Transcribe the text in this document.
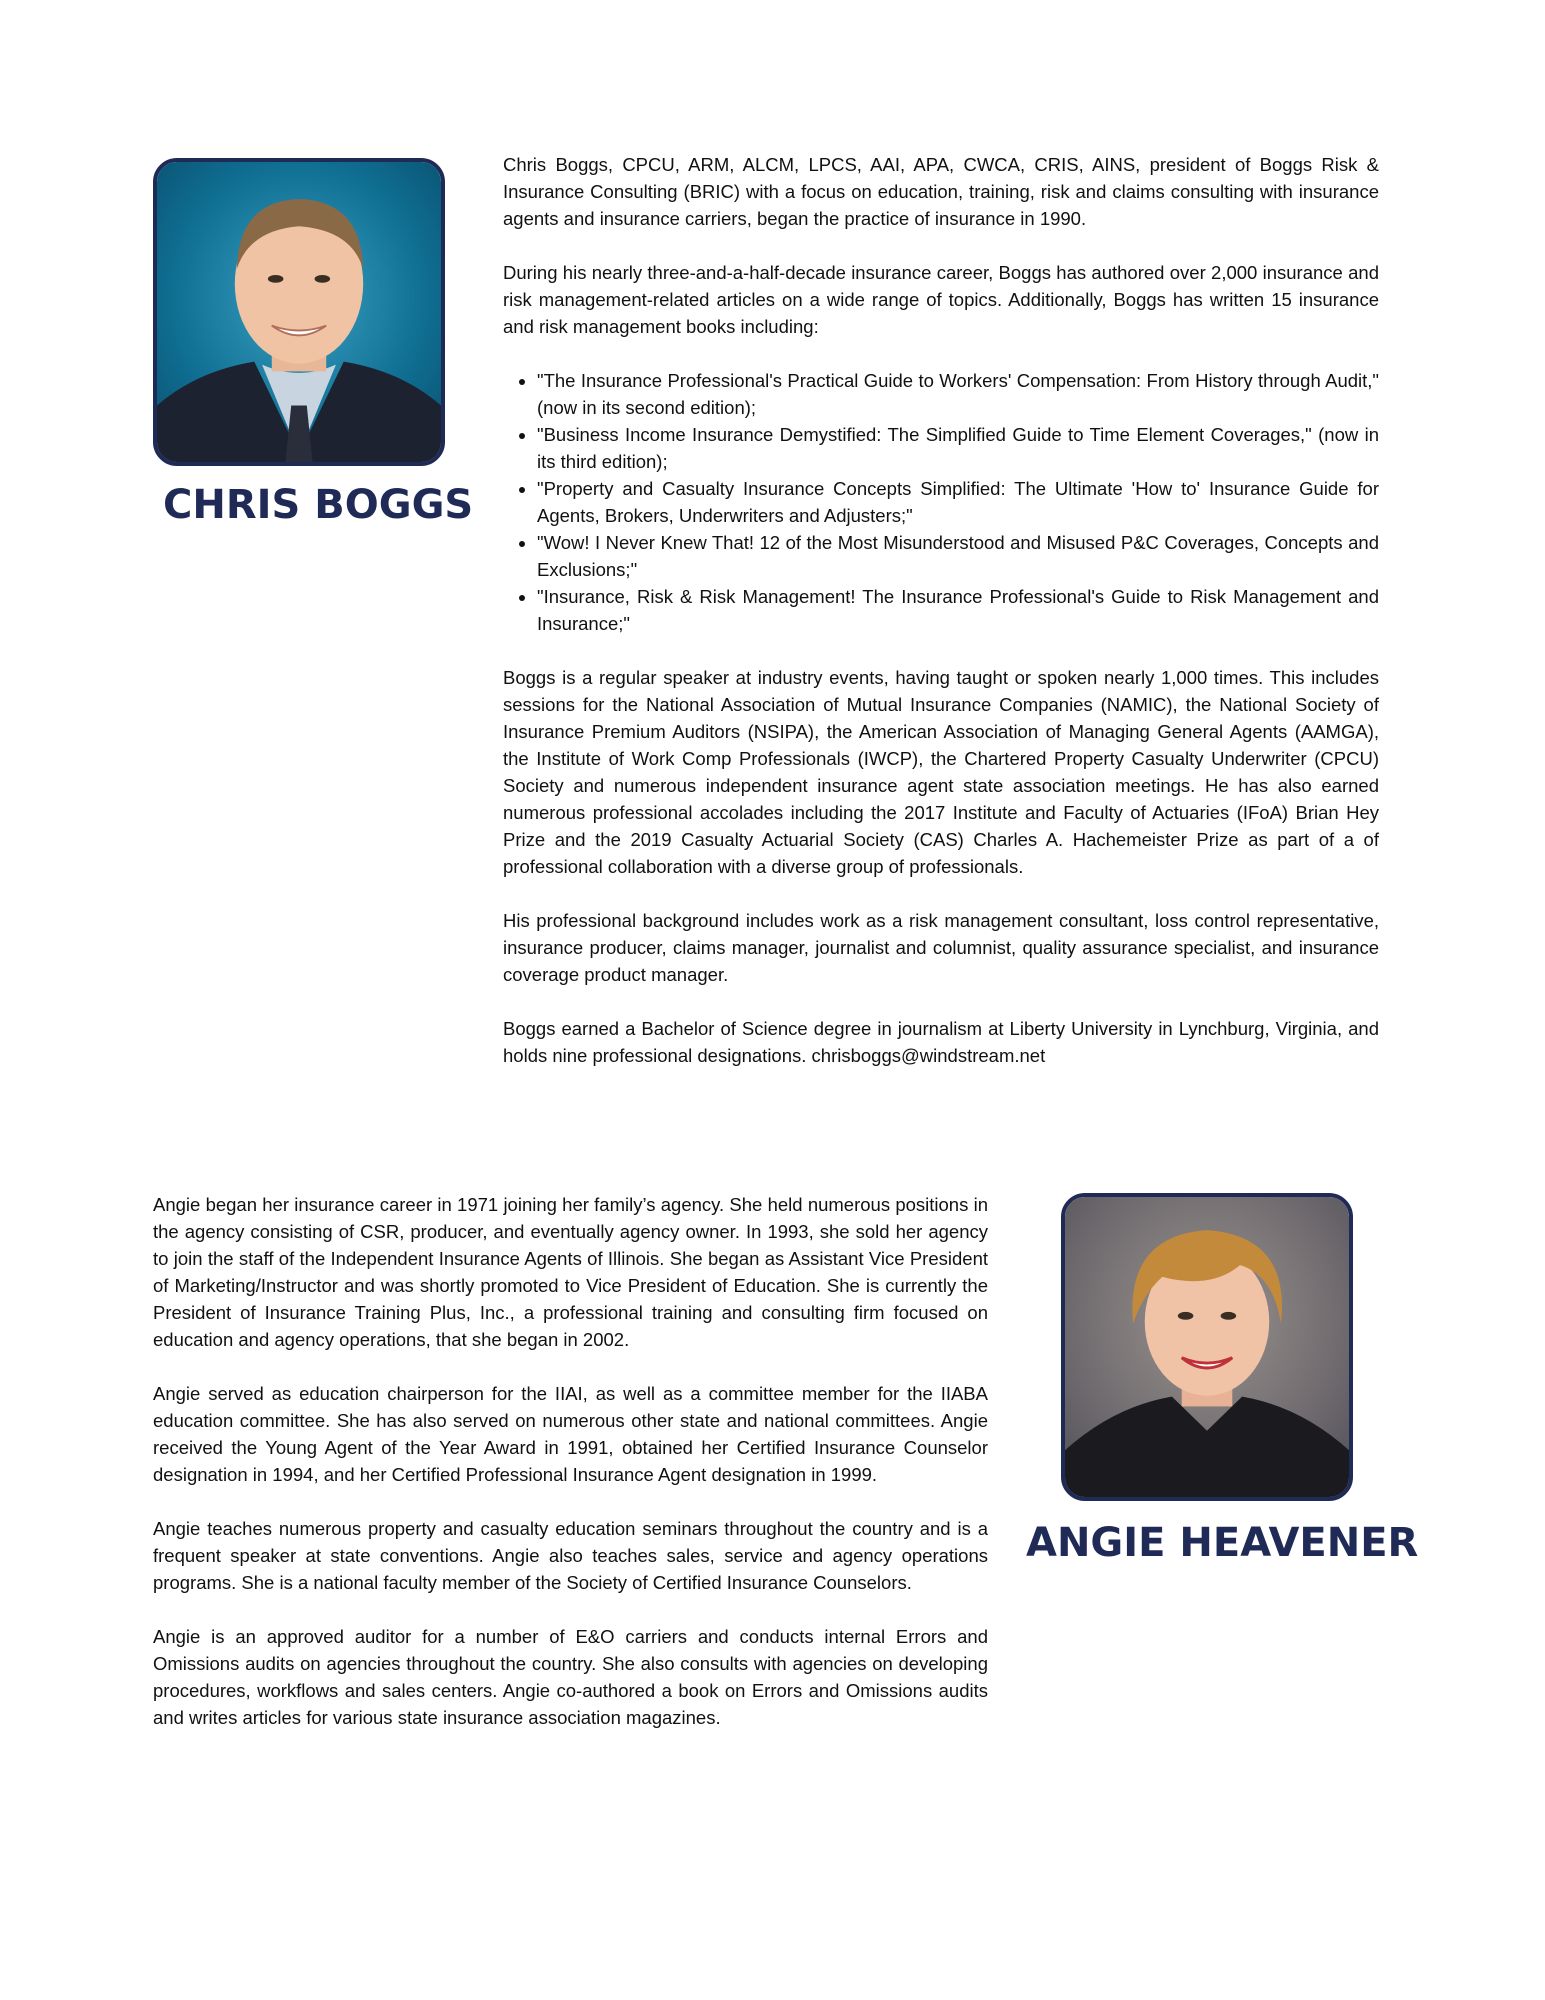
CHRIS BOGGS

Chris Boggs, CPCU, ARM, ALCM, LPCS, AAI, APA, CWCA, CRIS, AINS, president of Boggs Risk & Insurance Consulting (BRIC) with a focus on education, training, risk and claims consulting with insurance agents and insurance carriers, began the practice of insurance in 1990.

During his nearly three-and-a-half-decade insurance career, Boggs has authored over 2,000 insurance and risk management-related articles on a wide range of topics. Additionally, Boggs has written 15 insurance and risk management books including:

• "The Insurance Professional's Practical Guide to Workers' Compensation: From History through Audit," (now in its second edition);
• "Business Income Insurance Demystified: The Simplified Guide to Time Element Coverages," (now in its third edition);
• "Property and Casualty Insurance Concepts Simplified: The Ultimate 'How to' Insurance Guide for Agents, Brokers, Underwriters and Adjusters;"
• "Wow! I Never Knew That! 12 of the Most Misunderstood and Misused P&C Coverages, Concepts and Exclusions;"
• "Insurance, Risk & Risk Management! The Insurance Professional's Guide to Risk Management and Insurance;"

Boggs is a regular speaker at industry events, having taught or spoken nearly 1,000 times. This includes sessions for the National Association of Mutual Insurance Companies (NAMIC), the National Society of Insurance Premium Auditors (NSIPA), the American Association of Managing General Agents (AAMGA), the Institute of Work Comp Professionals (IWCP), the Chartered Property Casualty Underwriter (CPCU) Society and numerous independent insurance agent state association meetings. He has also earned numerous professional accolades including the 2017 Institute and Faculty of Actuaries (IFoA) Brian Hey Prize and the 2019 Casualty Actuarial Society (CAS) Charles A. Hachemeister Prize as part of a of professional collaboration with a diverse group of professionals.

His professional background includes work as a risk management consultant, loss control representative, insurance producer, claims manager, journalist and columnist, quality assurance specialist, and insurance coverage product manager.

Boggs earned a Bachelor of Science degree in journalism at Liberty University in Lynchburg, Virginia, and holds nine professional designations. chrisboggs@windstream.net

Angie began her insurance career in 1971 joining her family’s agency. She held numerous positions in the agency consisting of CSR, producer, and eventually agency owner. In 1993, she sold her agency to join the staff of the Independent Insurance Agents of Illinois. She began as Assistant Vice President of Marketing/Instructor and was shortly promoted to Vice President of Education. She is currently the President of Insurance Training Plus, Inc., a professional training and consulting firm focused on education and agency operations, that she began in 2002.

Angie served as education chairperson for the IIAI, as well as a committee member for the IIABA education committee. She has also served on numerous other state and national committees. Angie received the Young Agent of the Year Award in 1991, obtained her Certified Insurance Counselor designation in 1994, and her Certified Professional Insurance Agent designation in 1999.

Angie teaches numerous property and casualty education seminars throughout the country and is a frequent speaker at state conventions. Angie also teaches sales, service and agency operations programs. She is a national faculty member of the Society of Certified Insurance Counselors.

Angie is an approved auditor for a number of E&O carriers and conducts internal Errors and Omissions audits on agencies throughout the country. She also consults with agencies on developing procedures, workflows and sales centers. Angie co-authored a book on Errors and Omissions audits and writes articles for various state insurance association magazines.

ANGIE HEAVENER
